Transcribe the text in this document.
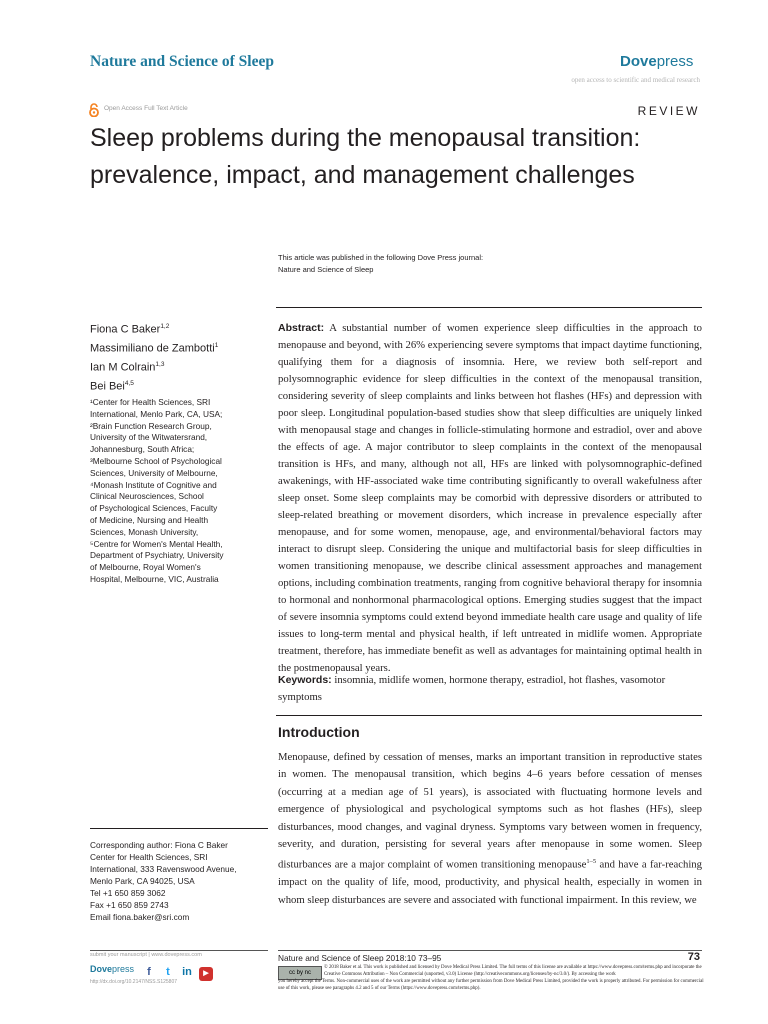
Nature and Science of Sleep	Dovepress
open access to scientific and medical research
Open Access Full Text Article	REVIEW
Sleep problems during the menopausal transition:
prevalence, impact, and management challenges
This article was published in the following Dove Press journal:
Nature and Science of Sleep
Fiona C Baker$^{1,2}$
Massimiliano de Zambotti$^1$
Ian M Colrain$^{1,3}$
Bei Bei$^{4,5}$
¹Center for Health Sciences, SRI
International, Menlo Park, CA, USA;
²Brain Function Research Group,
University of the Witwatersrand,
Johannesburg, South Africa;
³Melbourne School of Psychological
Sciences, University of Melbourne,
⁴Monash Institute of Cognitive and
Clinical Neurosciences, School
of Psychological Sciences, Faculty
of Medicine, Nursing and Health
Sciences, Monash University,
⁵Centre for Women's Mental Health,
Department of Psychiatry, University
of Melbourne, Royal Women's
Hospital, Melbourne, VIC, Australia
Abstract: A substantial number of women experience sleep difficulties in the approach to menopause and beyond, with 26% experiencing severe symptoms that impact daytime functioning, qualifying them for a diagnosis of insomnia. Here, we review both self-report and polysomnographic evidence for sleep difficulties in the context of the menopausal transition, considering severity of sleep complaints and links between hot flashes (HFs) and depression with poor sleep. Longitudinal population-based studies show that sleep difficulties are uniquely linked with menopausal stage and changes in follicle-stimulating hormone and estradiol, over and above the effects of age. A major contributor to sleep complaints in the context of the menopausal transition is HFs, and many, although not all, HFs are linked with polysomnographic-defined awakenings, with HF-associated wake time contributing significantly to overall wakefulness after sleep onset. Some sleep complaints may be comorbid with depressive disorders or attributed to sleep-related breathing or movement disorders, which increase in prevalence especially after menopause, and for some women, menopause, age, and environmental/behavioral factors may interact to disrupt sleep. Considering the unique and multifactorial basis for sleep difficulties in women transitioning menopause, we describe clinical assessment approaches and management options, including combination treatments, ranging from cognitive behavioral therapy for insomnia to hormonal and nonhormonal pharmacological options. Emerging studies suggest that the impact of severe insomnia symptoms could extend beyond immediate health care usage and quality of life issues to long-term mental and physical health, if left untreated in midlife women. Appropriate treatment, therefore, has immediate benefit as well as advantages for maintaining optimal health in the postmenopausal years.
Keywords: insomnia, midlife women, hormone therapy, estradiol, hot flashes, vasomotor symptoms
Introduction
Menopause, defined by cessation of menses, marks an important transition in reproductive states in women. The menopausal transition, which begins 4–6 years before cessation of menses (occurring at a median age of 51 years), is associated with fluctuating hormone levels and emergence of physiological and psychological symptoms such as hot flashes (HFs), sleep disturbances, mood changes, and vaginal dryness. Symptoms vary between women in frequency, severity, and duration, persisting for several years after menopause in some women. Sleep disturbances are a major complaint of women transitioning menopause$^{1-5}$ and have a far-reaching impact on the quality of life, mood, productivity, and physical health, especially in women in whom sleep disturbances are severe and associated with functional impairment. In this review, we
Corresponding author: Fiona C Baker
Center for Health Sciences, SRI
International, 333 Ravenswood Avenue,
Menlo Park, CA 94025, USA
Tel +1 650 859 3062
Fax +1 650 859 2743
Email fiona.baker@sri.com
submit your manuscript | www.dovepress.com
Dovepress	f t in ▶
http://dx.doi.org/10.2147/NSS.S125807
Nature and Science of Sleep 2018:10 73–95	73
cc by nc
© 2018 Baker et al. This work is published and licensed by Dove Medical Press Limited. The full terms of this license are available at https://www.dovepress.com/terms.php and incorporate the Creative Commons Attribution – Non Commercial (unported, v3.0) License (http://creativecommons.org/licenses/by-nc/3.0/). By accessing the work
you hereby accept the Terms. Non-commercial uses of the work are permitted without any further permission from Dove Medical Press Limited, provided the work is properly attributed. For permission for commercial use of this work, please see paragraphs 4.2 and 5 of our Terms (https://www.dovepress.com/terms.php).
